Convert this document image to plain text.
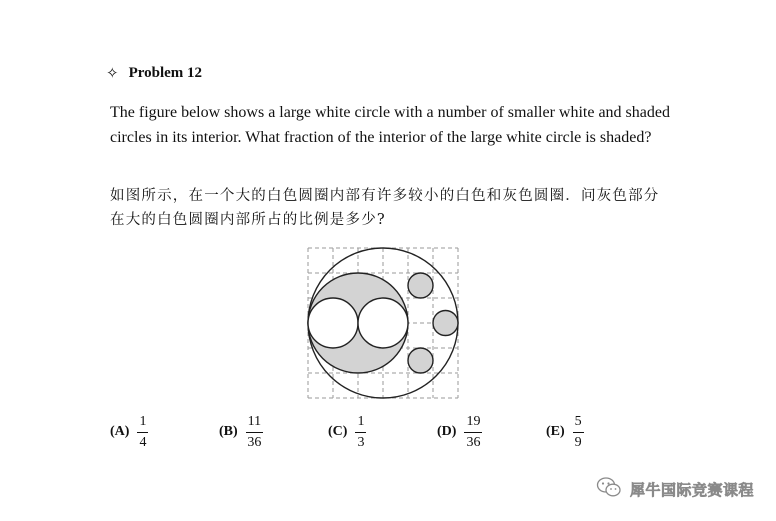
✧ Problem 12
The figure below shows a large white circle with a number of smaller white and shaded circles in its interior. What fraction of the interior of the large white circle is shaded?
如图所示，在一个大的白色圆圈内部有许多较小的白色和灰色圆圈．问灰色部分
在大的白色圆圈内部所占的比例是多少?
$(A) \frac{1}{4}$	$(B) \frac{11}{36}$	$(C) \frac{1}{3}$	$(D) \frac{19}{36}$	$(E) \frac{5}{9}$
犀牛国际竞赛课程
